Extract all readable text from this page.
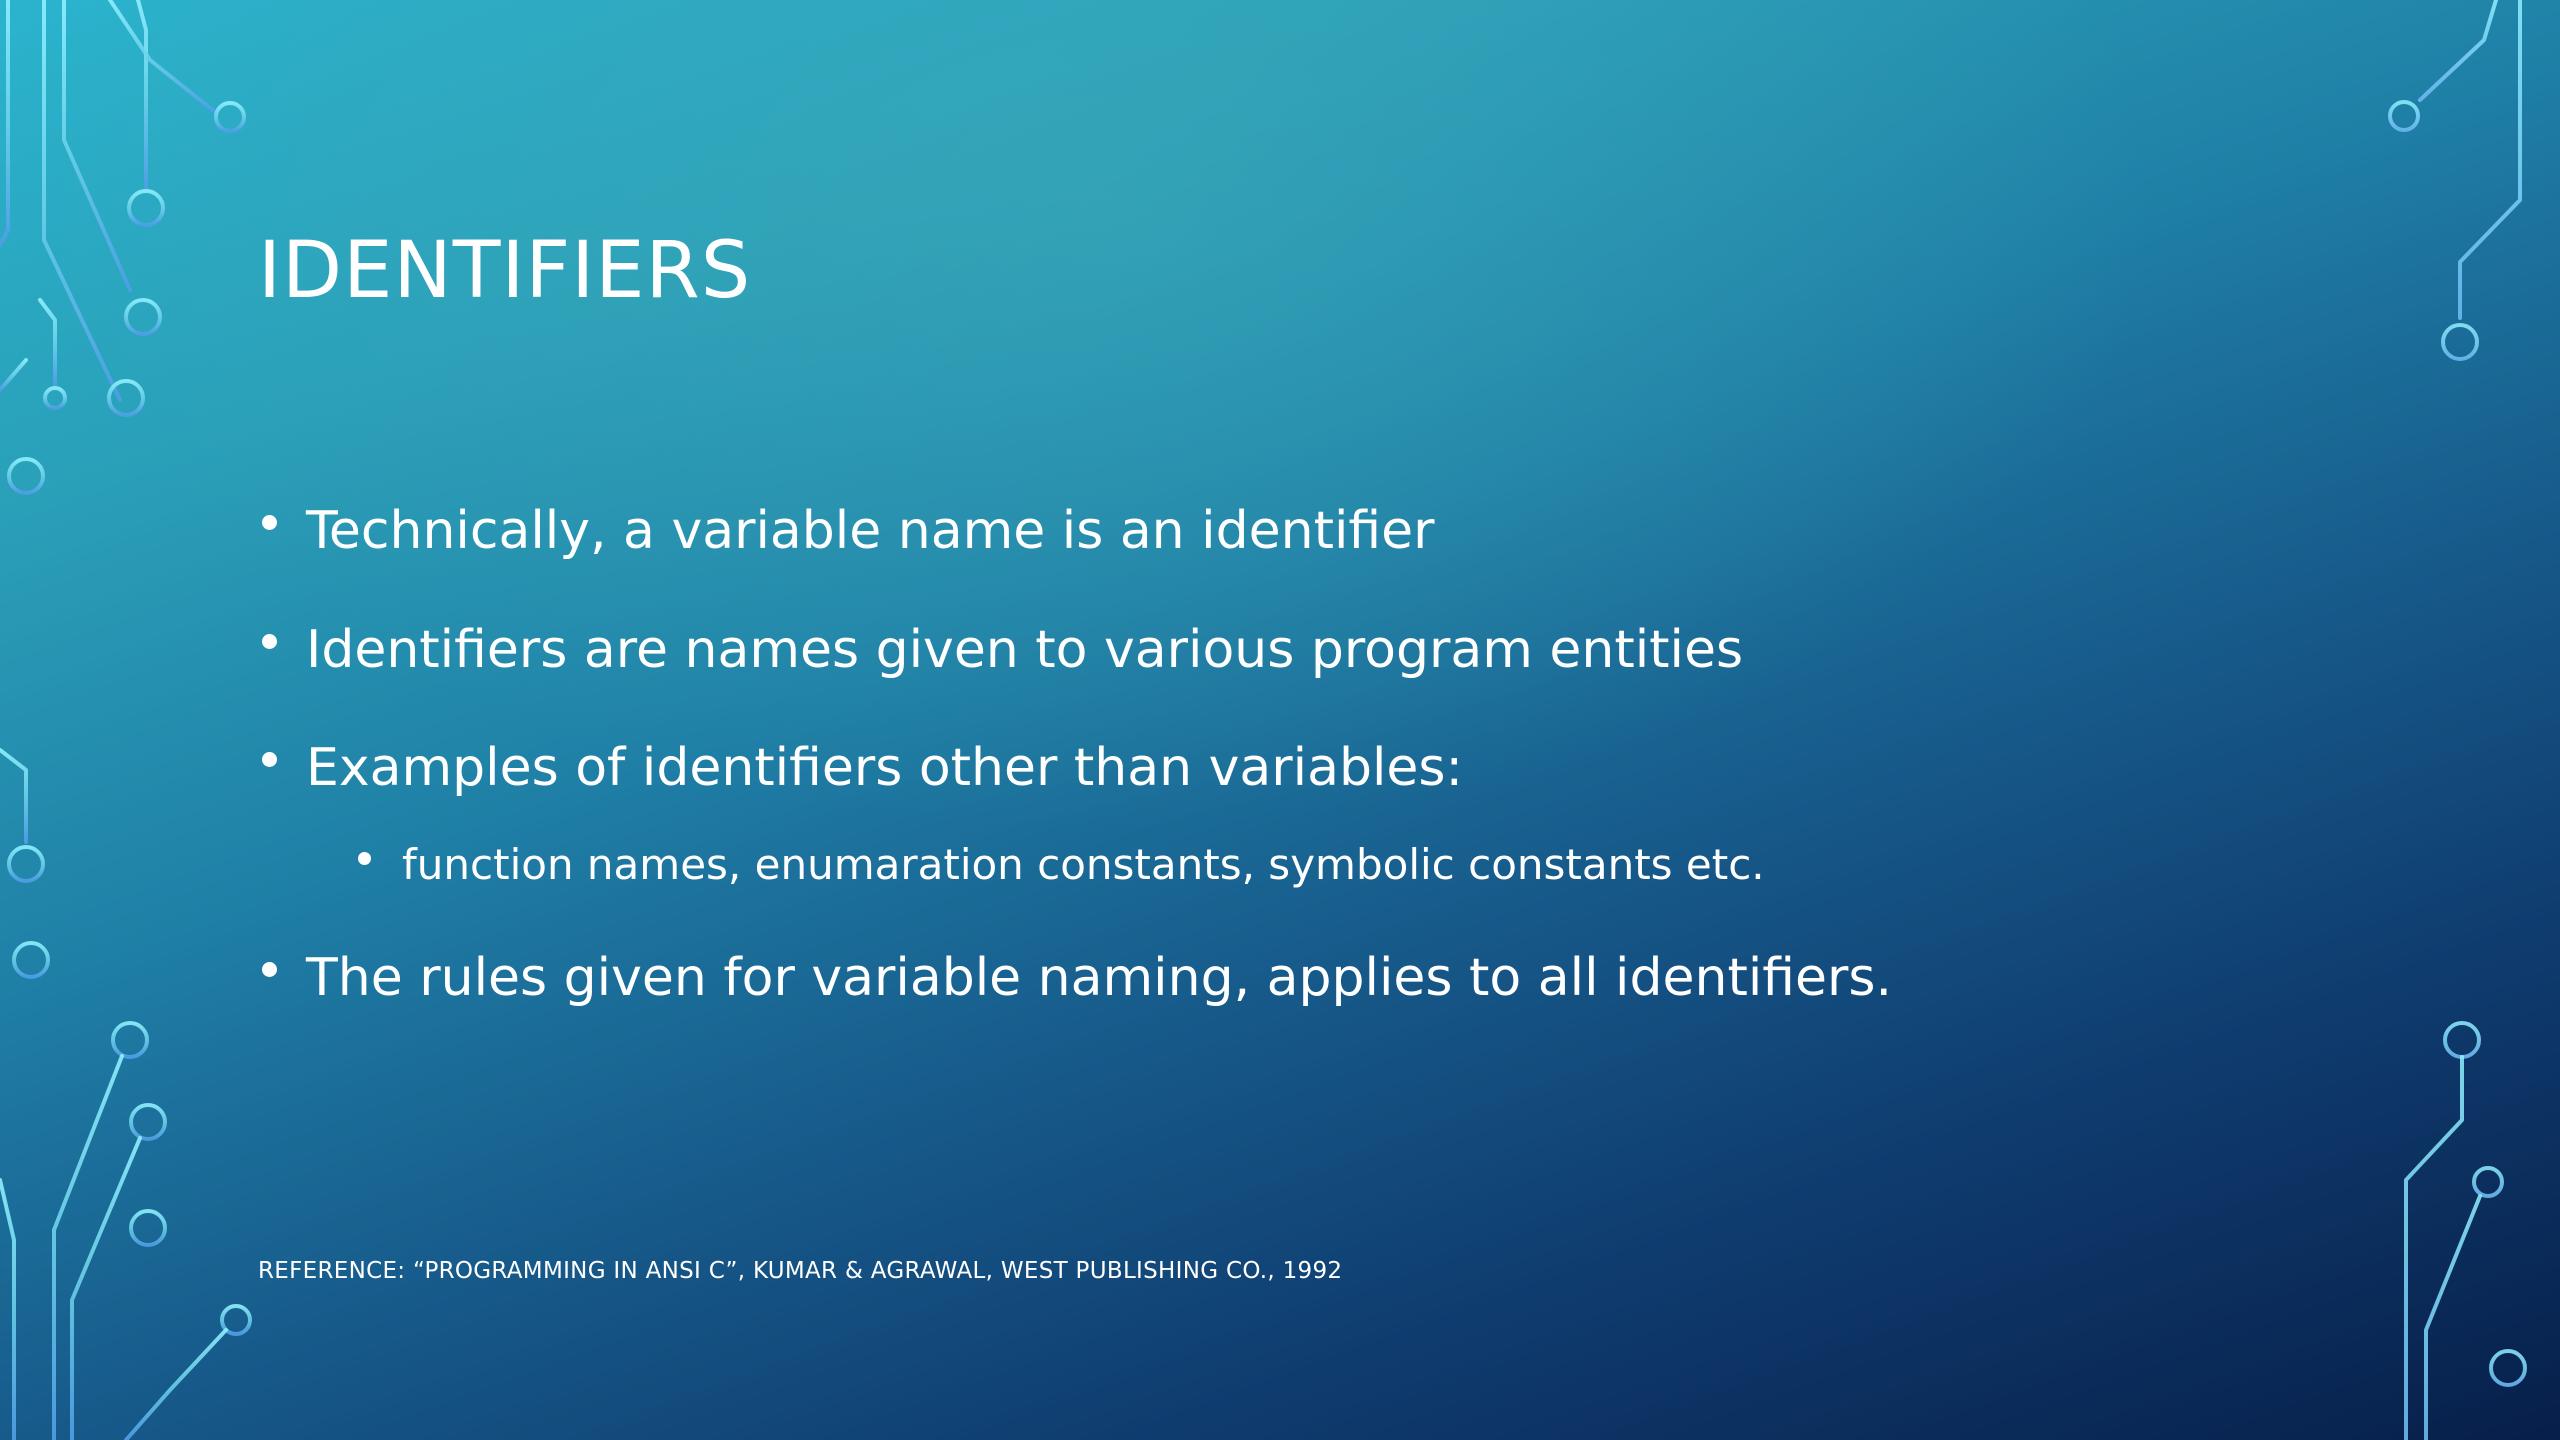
IDENTIFIERS
Technically, a variable name is an identifier
Identifiers are names given to various program entities
Examples of identifiers other than variables:
function names, enumaration constants, symbolic constants etc.
The rules given for variable naming, applies to all identifiers.
REFERENCE: “PROGRAMMING IN ANSI C”, KUMAR & AGRAWAL, WEST PUBLISHING CO., 1992
